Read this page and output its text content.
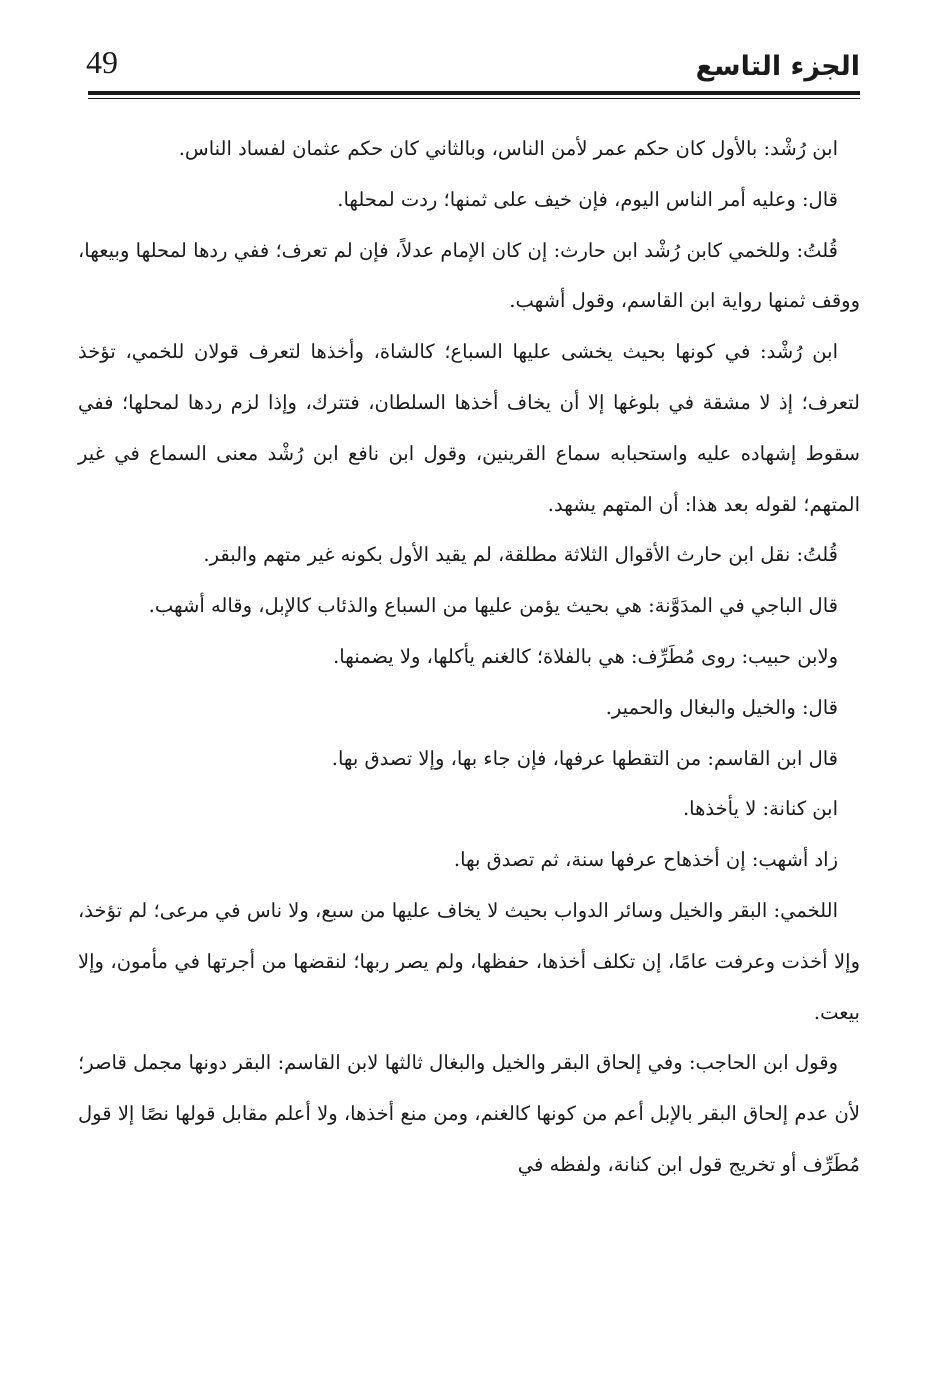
الجزء التاسع
49

ابن رُشْد: بالأول كان حكم عمر لأمن الناس، وبالثاني كان حكم عثمان لفساد الناس.

قال: وعليه أمر الناس اليوم، فإن خيف على ثمنها؛ ردت لمحلها.

قُلتُ: وللخمي كابن رُشْد ابن حارث: إن كان الإمام عدلاً، فإن لم تعرف؛ ففي ردها لمحلها وبيعها، ووقف ثمنها رواية ابن القاسم، وقول أشهب.

ابن رُشْد: في كونها بحيث يخشى عليها السباع؛ كالشاة، وأخذها لتعرف قولان للخمي، تؤخذ لتعرف؛ إذ لا مشقة في بلوغها إلا أن يخاف أخذها السلطان، فتترك، وإذا لزم ردها لمحلها؛ ففي سقوط إشهاده عليه واستحبابه سماع القرينين، وقول ابن نافع ابن رُشْد معنى السماع في غير المتهم؛ لقوله بعد هذا: أن المتهم يشهد.

قُلتُ: نقل ابن حارث الأقوال الثلاثة مطلقة، لم يقيد الأول بكونه غير متهم والبقر.

قال الباجي في المدَوَّنة: هي بحيث يؤمن عليها من السباع والذئاب كالإبل، وقاله أشهب.

ولابن حبيب: روى مُطَرِّف: هي بالفلاة؛ كالغنم يأكلها، ولا يضمنها.

قال: والخيل والبغال والحمير.

قال ابن القاسم: من التقطها عرفها، فإن جاء بها، وإلا تصدق بها.

ابن كنانة: لا يأخذها.

زاد أشهب: إن أخذهاح عرفها سنة، ثم تصدق بها.

اللخمي: البقر والخيل وسائر الدواب بحيث لا يخاف عليها من سبع، ولا ناس في مرعى؛ لم تؤخذ، وإلا أخذت وعرفت عامًا، إن تكلف أخذها، حفظها، ولم يصر ربها؛ لنقضها من أجرتها في مأمون، وإلا بيعت.

وقول ابن الحاجب: وفي إلحاق البقر والخيل والبغال ثالثها لابن القاسم: البقر دونها مجمل قاصر؛ لأن عدم إلحاق البقر بالإبل أعم من كونها كالغنم، ومن منع أخذها، ولا أعلم مقابل قولها نصًا إلا قول مُطَرِّف أو تخريج قول ابن كنانة، ولفظه في
